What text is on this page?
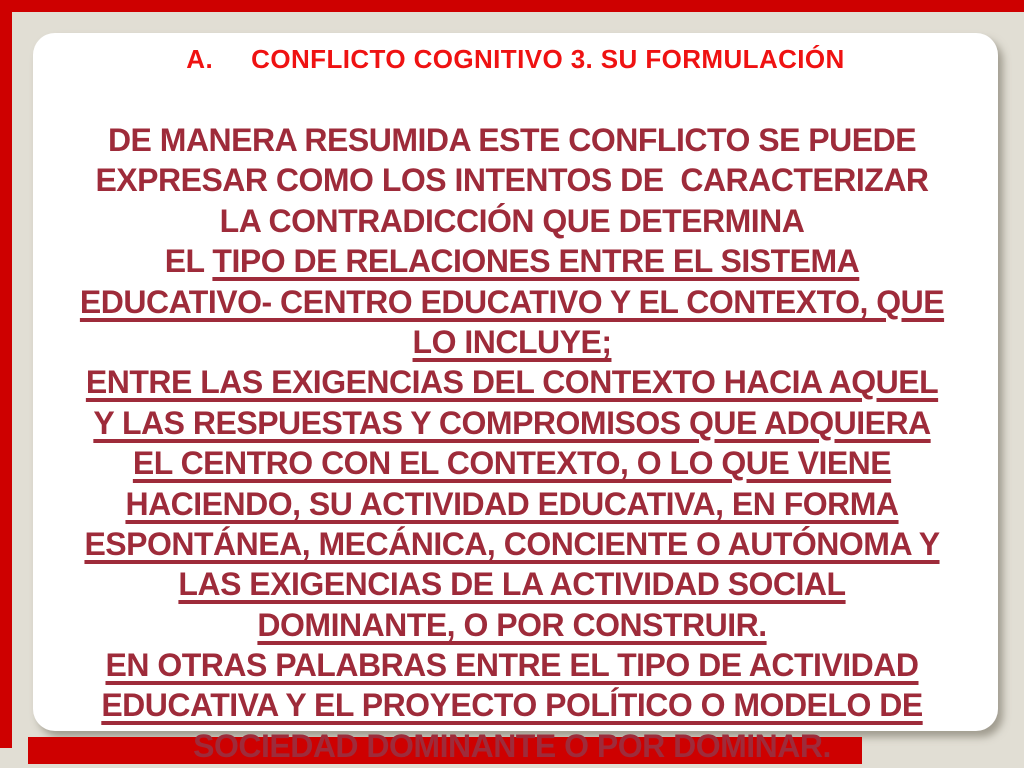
A.     CONFLICTO COGNITIVO 3. SU FORMULACIÓN
DE MANERA RESUMIDA ESTE CONFLICTO SE PUEDE
EXPRESAR COMO LOS INTENTOS DE  CARACTERIZAR
LA CONTRADICCIÓN QUE DETERMINA
EL TIPO DE RELACIONES ENTRE EL SISTEMA
EDUCATIVO- CENTRO EDUCATIVO Y EL CONTEXTO, QUE
LO INCLUYE;
ENTRE LAS EXIGENCIAS DEL CONTEXTO HACIA AQUEL
Y LAS RESPUESTAS Y COMPROMISOS QUE ADQUIERA
EL CENTRO CON EL CONTEXTO, O LO QUE VIENE
HACIENDO, SU ACTIVIDAD EDUCATIVA, EN FORMA
ESPONTÁNEA, MECÁNICA, CONCIENTE O AUTÓNOMA Y
LAS EXIGENCIAS DE LA ACTIVIDAD SOCIAL
DOMINANTE, O POR CONSTRUIR.
EN OTRAS PALABRAS ENTRE EL TIPO DE ACTIVIDAD
EDUCATIVA Y EL PROYECTO POLÍTICO O MODELO DE
SOCIEDAD DOMINANTE O POR DOMINAR.
